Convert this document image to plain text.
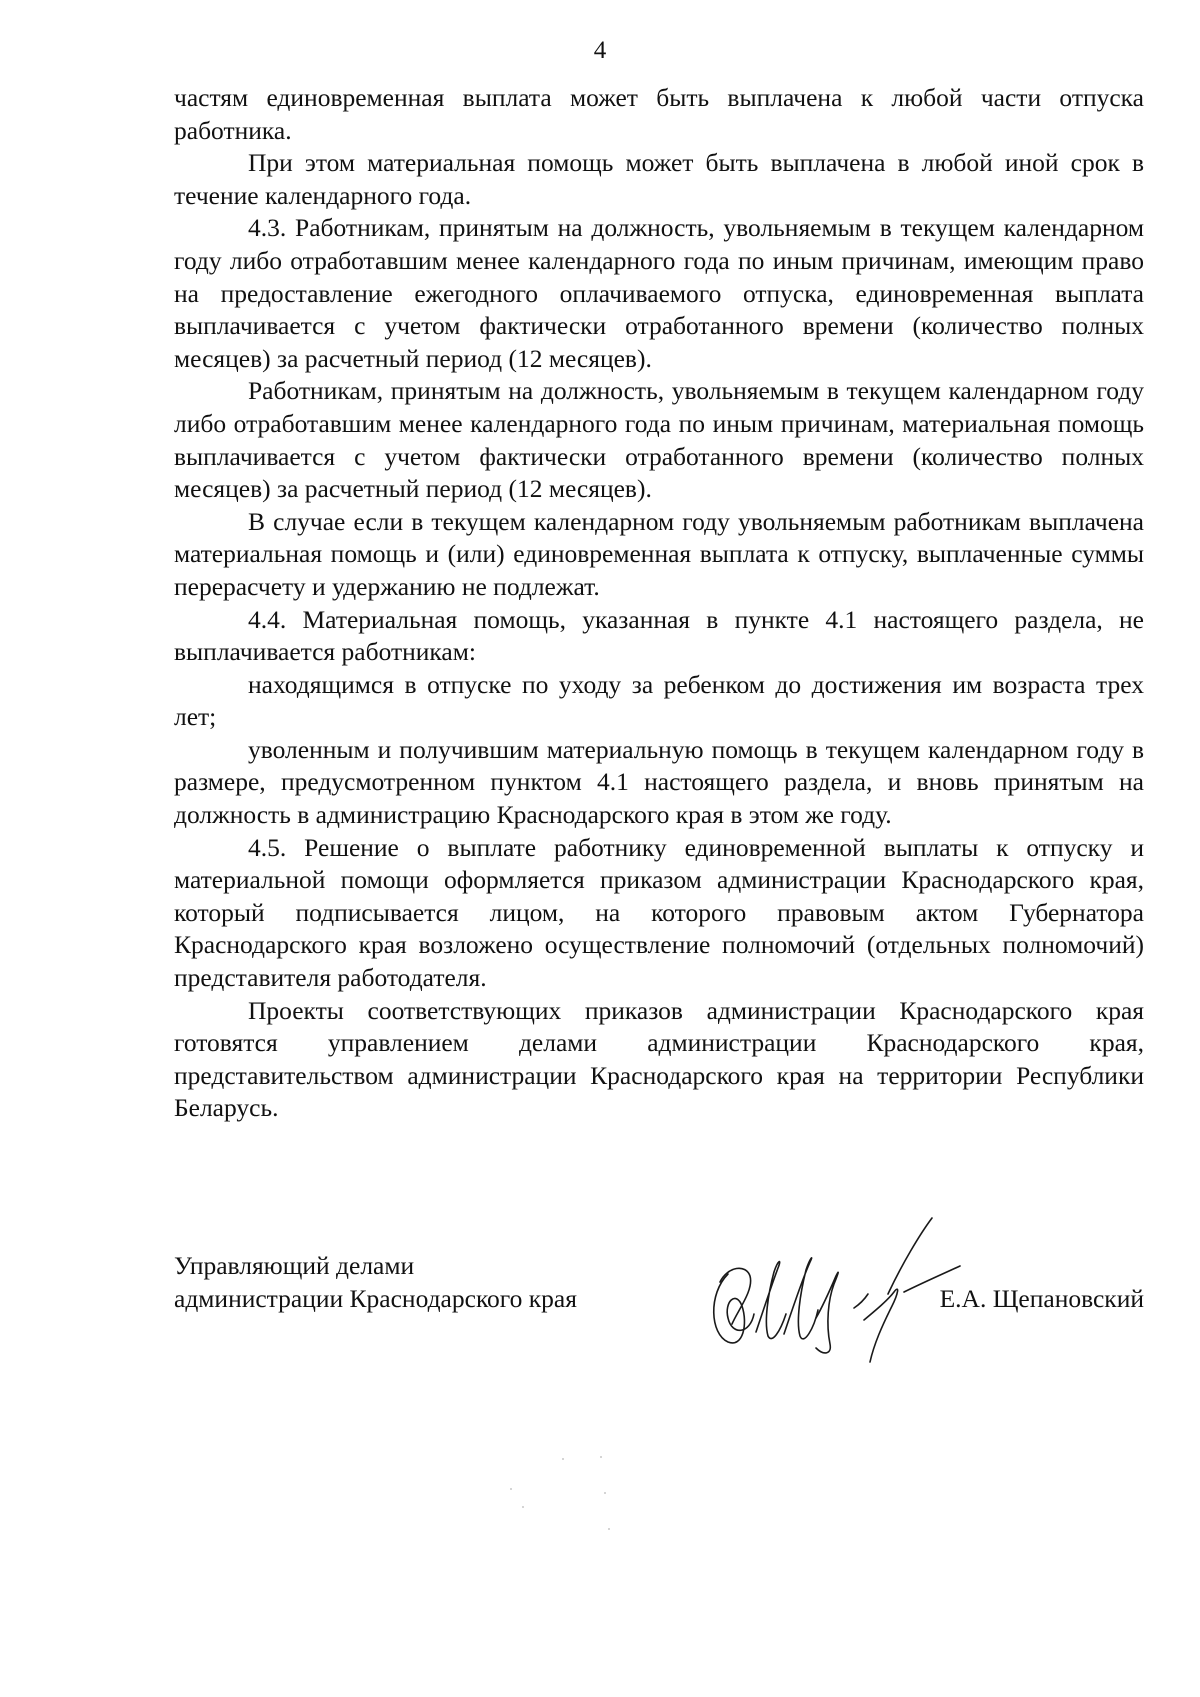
4

частям единовременная выплата может быть выплачена к любой части отпуска работника.

При этом материальная помощь может быть выплачена в любой иной срок в течение календарного года.

4.3. Работникам, принятым на должность, увольняемым в текущем календарном году либо отработавшим менее календарного года по иным причинам, имеющим право на предоставление ежегодного оплачиваемого отпуска, единовременная выплата выплачивается с учетом фактически отработанного времени (количество полных месяцев) за расчетный период (12 месяцев).

Работникам, принятым на должность, увольняемым в текущем календарном году либо отработавшим менее календарного года по иным причинам, материальная помощь выплачивается с учетом фактически отработанного времени (количество полных месяцев) за расчетный период (12 месяцев).

В случае если в текущем календарном году увольняемым работникам выплачена материальная помощь и (или) единовременная выплата к отпуску, выплаченные суммы перерасчету и удержанию не подлежат.

4.4. Материальная помощь, указанная в пункте 4.1 настоящего раздела, не выплачивается работникам:

находящимся в отпуске по уходу за ребенком до достижения им возраста трех лет;

уволенным и получившим материальную помощь в текущем календарном году в размере, предусмотренном пунктом 4.1 настоящего раздела, и вновь принятым на должность в администрацию Краснодарского края в этом же году.

4.5. Решение о выплате работнику единовременной выплаты к отпуску и материальной помощи оформляется приказом администрации Краснодарского края, который подписывается лицом, на которого правовым актом Губернатора Краснодарского края возложено осуществление полномочий (отдельных полномочий) представителя работодателя.

Проекты соответствующих приказов администрации Краснодарского края готовятся управлением делами администрации Краснодарского края, представительством администрации Краснодарского края на территории Республики Беларусь.

Управляющий делами
администрации Краснодарского края	Е.А. Щепановский
